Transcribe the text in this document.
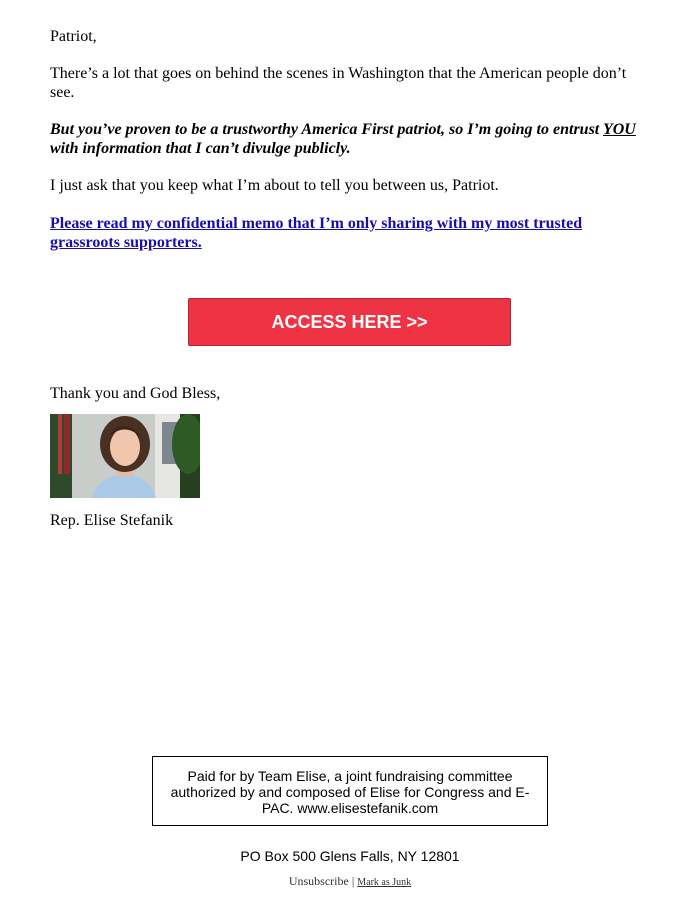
Patriot,

There’s a lot that goes on behind the scenes in Washington that the American people don’t see.

But you’ve proven to be a trustworthy America First patriot, so I’m going to entrust YOU with information that I can’t divulge publicly.

I just ask that you keep what I’m about to tell you between us, Patriot.

Please read my confidential memo that I’m only sharing with my most trusted grassroots supporters.

ACCESS HERE >>
Thank you and God Bless,
Rep. Elise Stefanik
Paid for by Team Elise, a joint fundraising committee authorized by and composed of Elise for Congress and E-PAC. www.elisestefanik.com
PO Box 500 Glens Falls, NY 12801
Unsubscribe | Mark as Junk
